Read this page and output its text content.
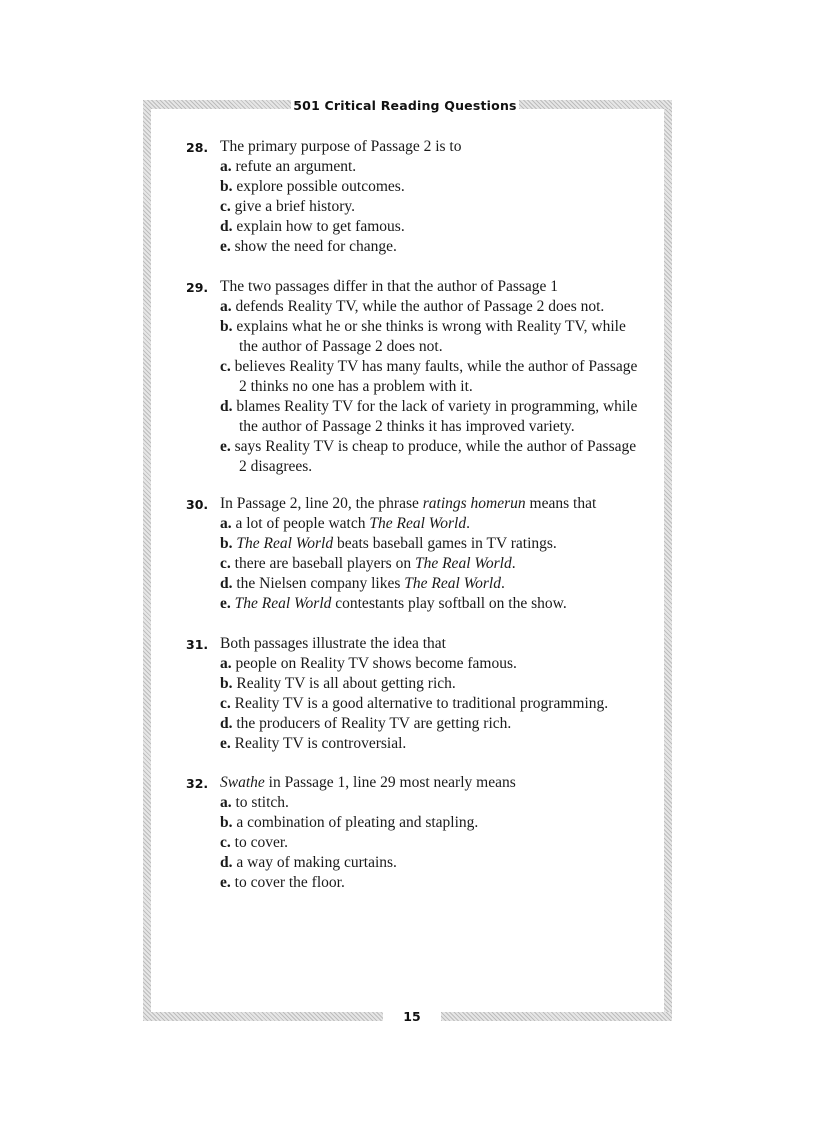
501 Critical Reading Questions
28. The primary purpose of Passage 2 is to
a. refute an argument.
b. explore possible outcomes.
c. give a brief history.
d. explain how to get famous.
e. show the need for change.
29. The two passages differ in that the author of Passage 1
a. defends Reality TV, while the author of Passage 2 does not.
b. explains what he or she thinks is wrong with Reality TV, while the author of Passage 2 does not.
c. believes Reality TV has many faults, while the author of Passage 2 thinks no one has a problem with it.
d. blames Reality TV for the lack of variety in programming, while the author of Passage 2 thinks it has improved variety.
e. says Reality TV is cheap to produce, while the author of Passage 2 disagrees.
30. In Passage 2, line 20, the phrase ratings homerun means that
a. a lot of people watch The Real World.
b. The Real World beats baseball games in TV ratings.
c. there are baseball players on The Real World.
d. the Nielsen company likes The Real World.
e. The Real World contestants play softball on the show.
31. Both passages illustrate the idea that
a. people on Reality TV shows become famous.
b. Reality TV is all about getting rich.
c. Reality TV is a good alternative to traditional programming.
d. the producers of Reality TV are getting rich.
e. Reality TV is controversial.
32. Swathe in Passage 1, line 29 most nearly means
a. to stitch.
b. a combination of pleating and stapling.
c. to cover.
d. a way of making curtains.
e. to cover the floor.
15
